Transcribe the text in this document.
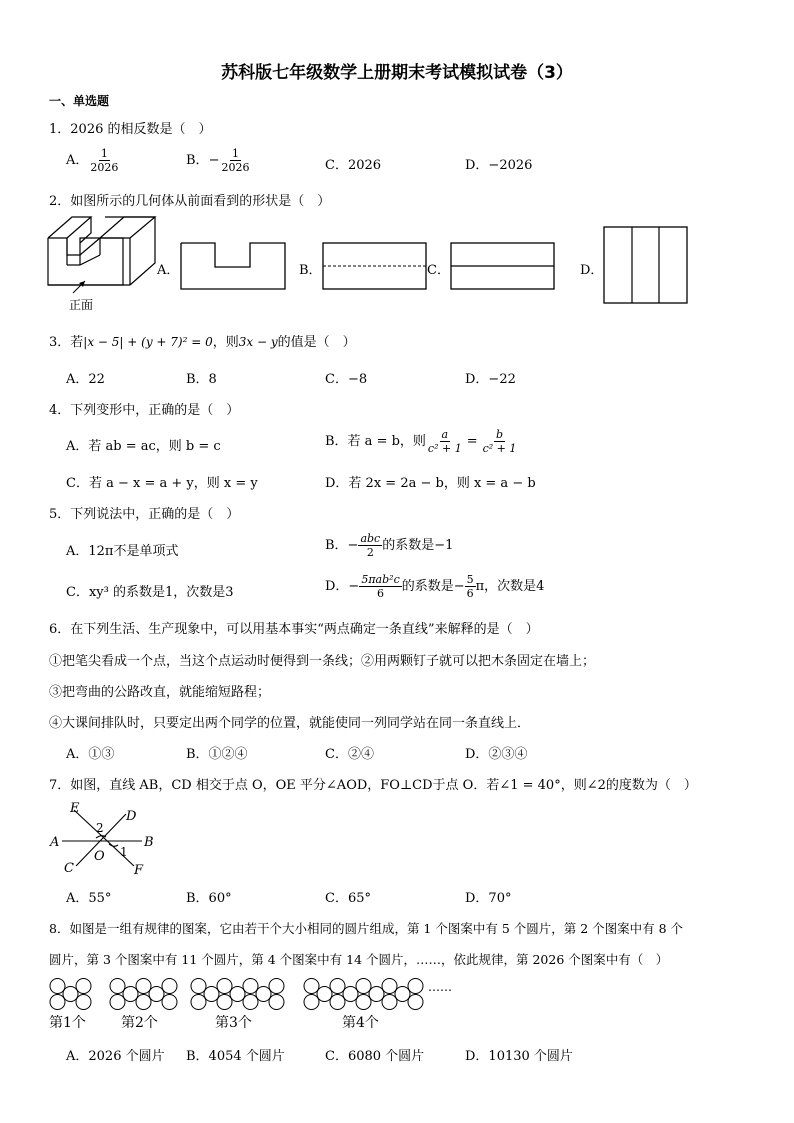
苏科版七年级数学上册期末考试模拟试卷（3）
一、单选题
1．2026 的相反数是（　）
A． $\frac{1}{2026}$	B．− $\frac{1}{2026}$	C．2026	D．−2026
2．如图所示的几何体从前面看到的形状是（　）
正面
A．	B．	C．	D．
3．若|x − 5| + (y + 7)² = 0，则3x − y的值是（　）
A．22	B．8	C．−8	D．−22
4．下列变形中，正确的是（　）
A．若 ab = ac，则 b = c	B．若 a = b，则 $\frac{a}{\text{c² + 1}} = \frac{b}{\text{c² + 1}}$
C．若 a − x = a + y，则 x = y	D．若 2x = 2a − b，则 x = a − b
5．下列说法中，正确的是（　）
A．12π不是单项式	B．− $\frac{\text{abc}}{2}$ 的系数是−1
C．xy³ 的系数是1，次数是3	D．− $\frac{\text{5πab²c}}{6}$ 的系数是− $\frac{5}{6}$ π，次数是4
6．在下列生活、生产现象中，可以用基本事实“两点确定一条直线”来解释的是（　）
①把笔尖看成一个点，当这个点运动时便得到一条线；②用两颗钉子就可以把木条固定在墙上；
③把弯曲的公路改直，就能缩短路程；
④大课间排队时，只要定出两个同学的位置，就能使同一列同学站在同一条直线上．
A．①③	B．①②④	C．②④	D．②③④
7．如图，直线 AB，CD 相交于点 O，OE 平分∠AOD，FO⊥CD于点 O．若∠1 = 40°，则∠2的度数为（　）
E
D
A	B
C	F
O
2
1
A．55°	B．60°	C．65°	D．70°
8．如图是一组有规律的图案，它由若干个大小相同的圆片组成，第 1 个图案中有 5 个圆片，第 2 个图案中有 8 个
圆片，第 3 个图案中有 11 个圆片，第 4 个图案中有 14 个圆片，……，依此规律，第 2026 个图案中有（　）
……
第1个	第2个	第3个	第4个
A．2026 个圆片 B．4054 个圆片	C．6080 个圆片	D．10130 个圆片
